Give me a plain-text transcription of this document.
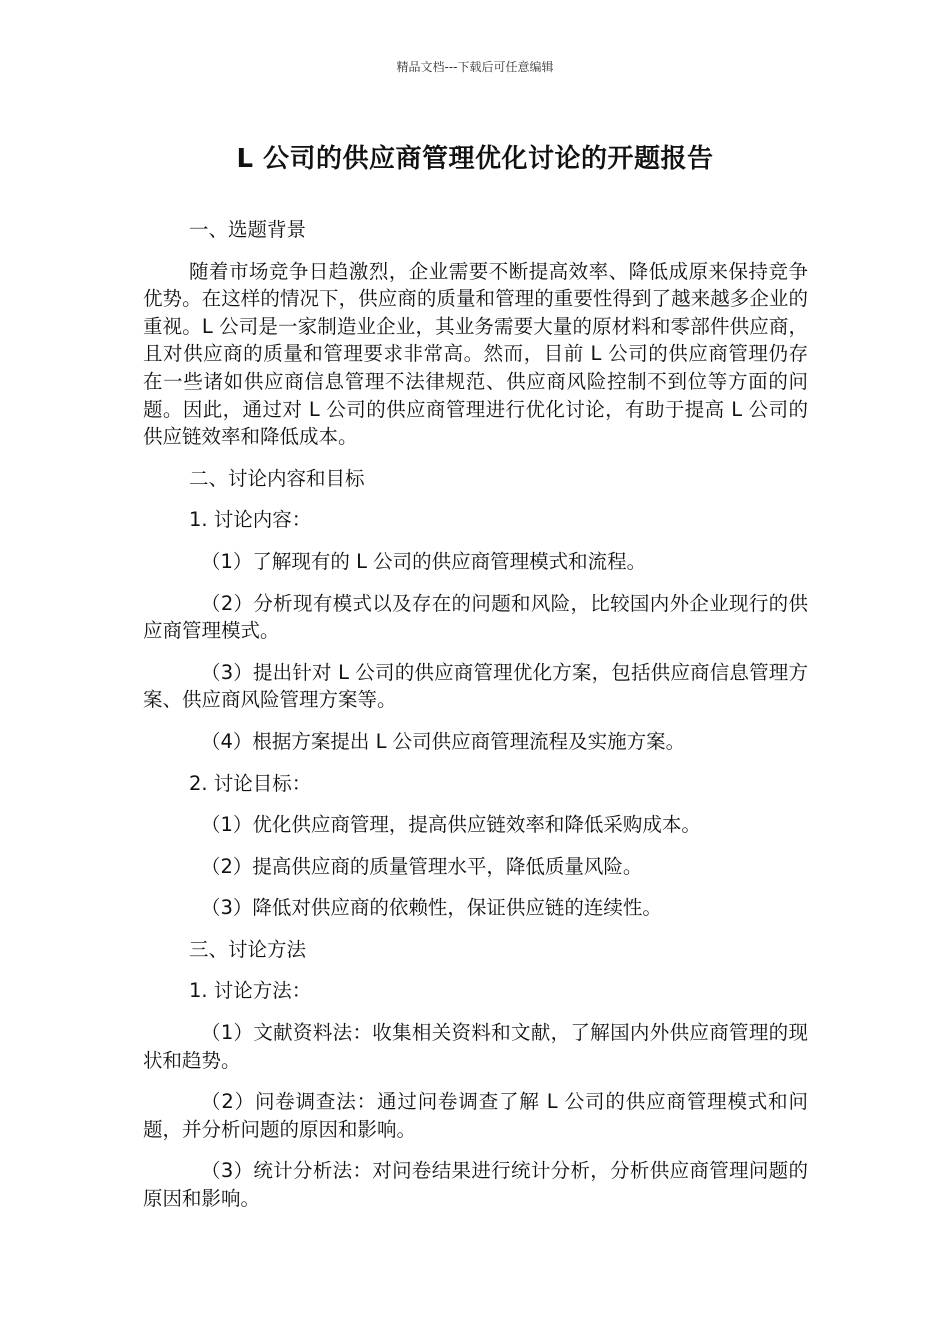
精品文档---下载后可任意编辑
L 公司的供应商管理优化讨论的开题报告

一、选题背景

随着市场竞争日趋激烈，企业需要不断提高效率、降低成原来保持竞争优势。在这样的情况下，供应商的质量和管理的重要性得到了越来越多企业的重视。L 公司是一家制造业企业，其业务需要大量的原材料和零部件供应商，且对供应商的质量和管理要求非常高。然而，目前 L 公司的供应商管理仍存在一些诸如供应商信息管理不法律规范、供应商风险控制不到位等方面的问题。因此，通过对 L 公司的供应商管理进行优化讨论，有助于提高 L 公司的供应链效率和降低成本。

二、讨论内容和目标

1. 讨论内容：

（1）了解现有的 L 公司的供应商管理模式和流程。

（2）分析现有模式以及存在的问题和风险，比较国内外企业现行的供应商管理模式。

（3）提出针对 L 公司的供应商管理优化方案，包括供应商信息管理方案、供应商风险管理方案等。

（4）根据方案提出 L 公司供应商管理流程及实施方案。

2. 讨论目标：

（1）优化供应商管理，提高供应链效率和降低采购成本。

（2）提高供应商的质量管理水平，降低质量风险。

（3）降低对供应商的依赖性，保证供应链的连续性。

三、讨论方法

1. 讨论方法：

（1）文献资料法：收集相关资料和文献，了解国内外供应商管理的现状和趋势。

（2）问卷调查法：通过问卷调查了解 L 公司的供应商管理模式和问题，并分析问题的原因和影响。

（3）统计分析法：对问卷结果进行统计分析，分析供应商管理问题的原因和影响。
